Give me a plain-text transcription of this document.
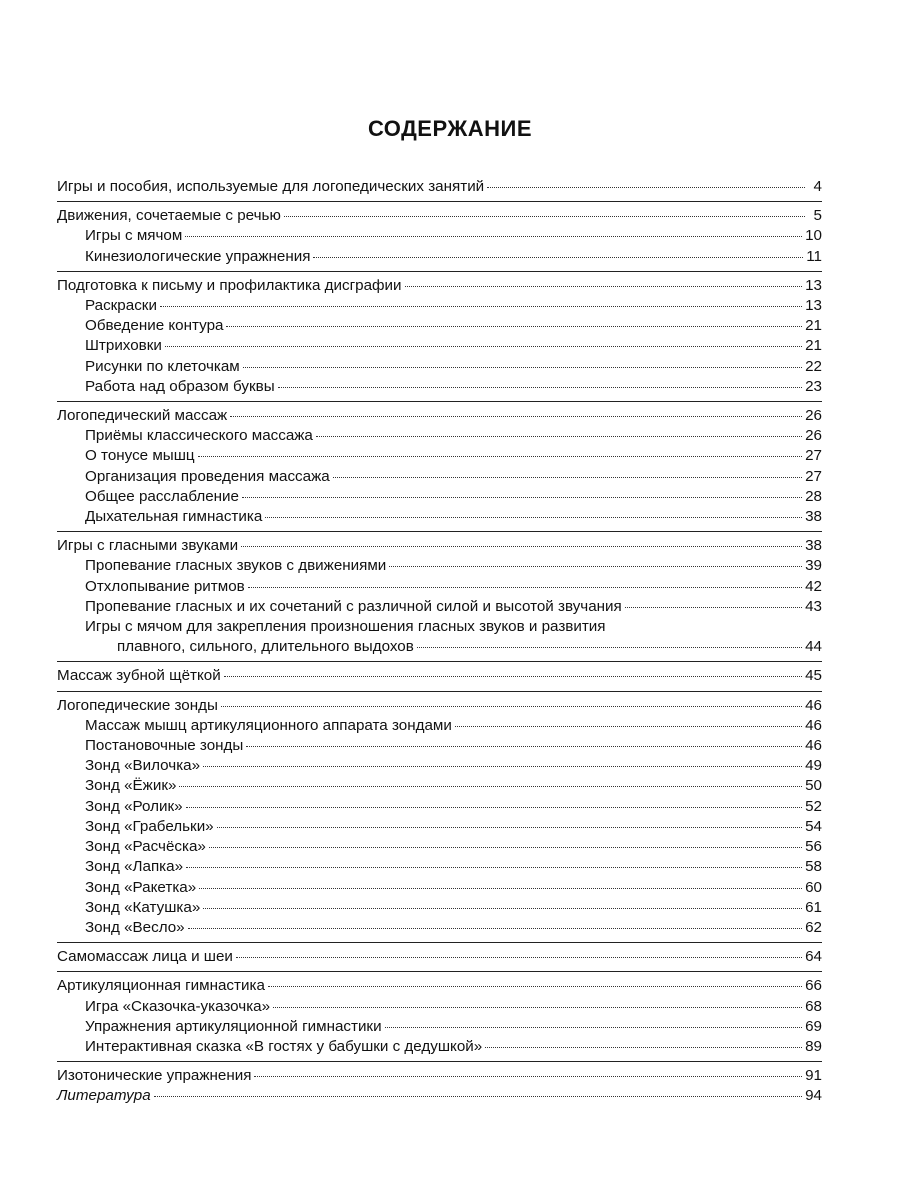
СОДЕРЖАНИЕ
Игры и пособия, используемые для логопедических занятий	4
Движения, сочетаемые с речью	5
Игры с мячом	10
Кинезиологические упражнения	11
Подготовка к письму и профилактика дисграфии	13
Раскраски	13
Обведение контура	21
Штриховки	21
Рисунки по клеточкам	22
Работа над образом буквы	23
Логопедический массаж	26
Приёмы классического массажа	26
О тонусе мышц	27
Организация проведения массажа	27
Общее расслабление	28
Дыхательная гимнастика	38
Игры с гласными звуками	38
Пропевание гласных звуков с движениями	39
Отхлопывание ритмов	42
Пропевание гласных и их сочетаний с различной силой и высотой звучания	43
Игры с мячом для закрепления произношения гласных звуков и развития
плавного, сильного, длительного выдохов	44
Массаж зубной щёткой	45
Логопедические зонды	46
Массаж мышц артикуляционного аппарата зондами	46
Постановочные зонды	46
Зонд «Вилочка»	49
Зонд «Ёжик»	50
Зонд «Ролик»	52
Зонд «Грабельки»	54
Зонд «Расчёска»	56
Зонд «Лапка»	58
Зонд «Ракетка»	60
Зонд «Катушка»	61
Зонд «Весло»	62
Самомассаж лица и шеи	64
Артикуляционная гимнастика	66
Игра «Сказочка-указочка»	68
Упражнения артикуляционной гимнастики	69
Интерактивная сказка «В гостях у бабушки с дедушкой»	89
Изотонические упражнения	91
Литература	94
